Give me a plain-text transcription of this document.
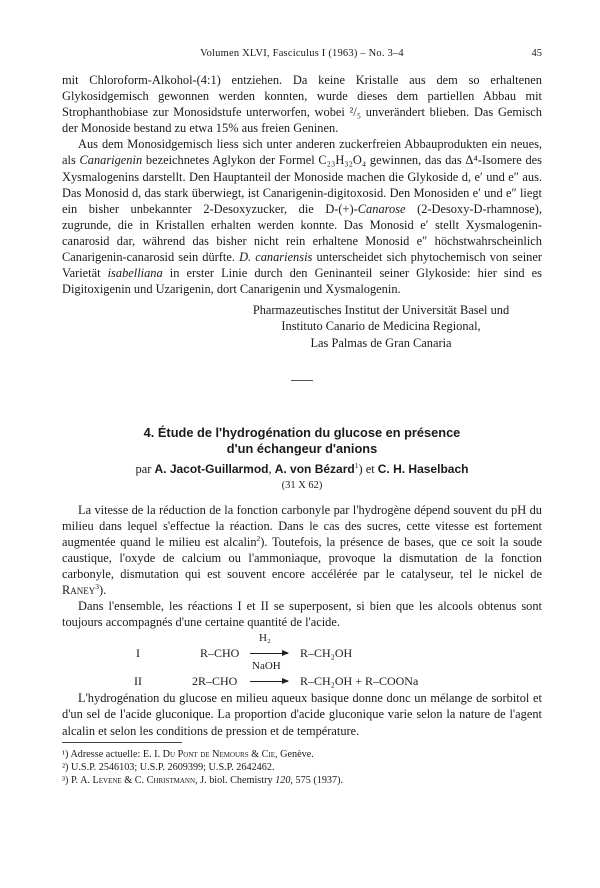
Volumen XLVI, Fasciculus I (1963) – No. 3–4	45

mit Chloroform-Alkohol-(4:1) entziehen. Da keine Kristalle aus dem so erhaltenen Glykosidgemisch gewonnen werden konnten, wurde dieses dem partiellen Abbau mit Strophanthobiase zur Monosidstufe unterworfen, wobei ²/₅ unverändert blieben. Das Gemisch der Monoside bestand zu etwa 15% aus freien Geninen.

Aus dem Monosidgemisch liess sich unter anderen zuckerfreien Abbauprodukten ein neues, als Canarigenin bezeichnetes Aglykon der Formel C₂₃H₃₂O₄ gewinnen, das das Δ⁴-Isomere des Xysmalogenins darstellt. Den Hauptanteil der Monoside machen die Glykoside d, e′ und e″ aus. Das Monosid d, das stark überwiegt, ist Canarigenin-digitoxosid. Den Monosiden e′ und e″ liegt ein bisher unbekannter 2-Desoxyzucker, die D-(+)-Canarose (2-Desoxy-D-rhamnose), zugrunde, die in Kristallen erhalten werden konnte. Das Monosid e′ stellt Xysmalogenin-canarosid dar, während das bisher nicht rein erhaltene Monosid e″ höchstwahrscheinlich Canarigenin-canarosid sein dürfte. D. canariensis unterscheidet sich phytochemisch von seiner Varietät isabelliana in erster Linie durch den Geninanteil seiner Glykoside: hier sind es Digitoxigenin und Uzarigenin, dort Canarigenin und Xysmalogenin.

Pharmazeutisches Institut der Universität Basel und
Instituto Canario de Medicina Regional,
Las Palmas de Gran Canaria
4. Étude de l'hydrogénation du glucose en présence
d'un échangeur d'anions
par A. Jacot-Guillarmod, A. von Bézard$^1$) et C. H. Haselbach
(31 X 62)

La vitesse de la réduction de la fonction carbonyle par l'hydrogène dépend souvent du pH du milieu dans lequel s'effectue la réaction. Dans le cas des sucres, cette vitesse est fortement augmentée quand le milieu est alcalin$^2$). Toutefois, la présence de bases, que ce soit la soude caustique, l'oxyde de calcium ou l'ammoniaque, provoque la dismutation de la fonction carbonyle, dismutation qui est souvent encore accélérée par le catalyseur, tel le nickel de Raney$^3$).

Dans l'ensemble, les réactions I et II se superposent, si bien que les alcools obtenus sont toujours accompagnés d'une certaine quantité de l'acide.

I	R–CHO
H₂
→ R–CH₂OH
II	2R–CHO
NaOH
→ R–CH₂OH + R–COONa

L'hydrogénation du glucose en milieu aqueux basique donne donc un mélange de sorbitol et d'un sel de l'acide gluconique. La proportion d'acide gluconique varie selon la nature de l'agent alcalin et selon les conditions de pression et de température.

¹) Adresse actuelle: E. I. Du Pont de Nemours & Cie, Genève.
²) U.S.P. 2546103; U.S.P. 2609399; U.S.P. 2642462.
³) P. A. Levene & C. Christmann, J. biol. Chemistry 120, 575 (1937).
